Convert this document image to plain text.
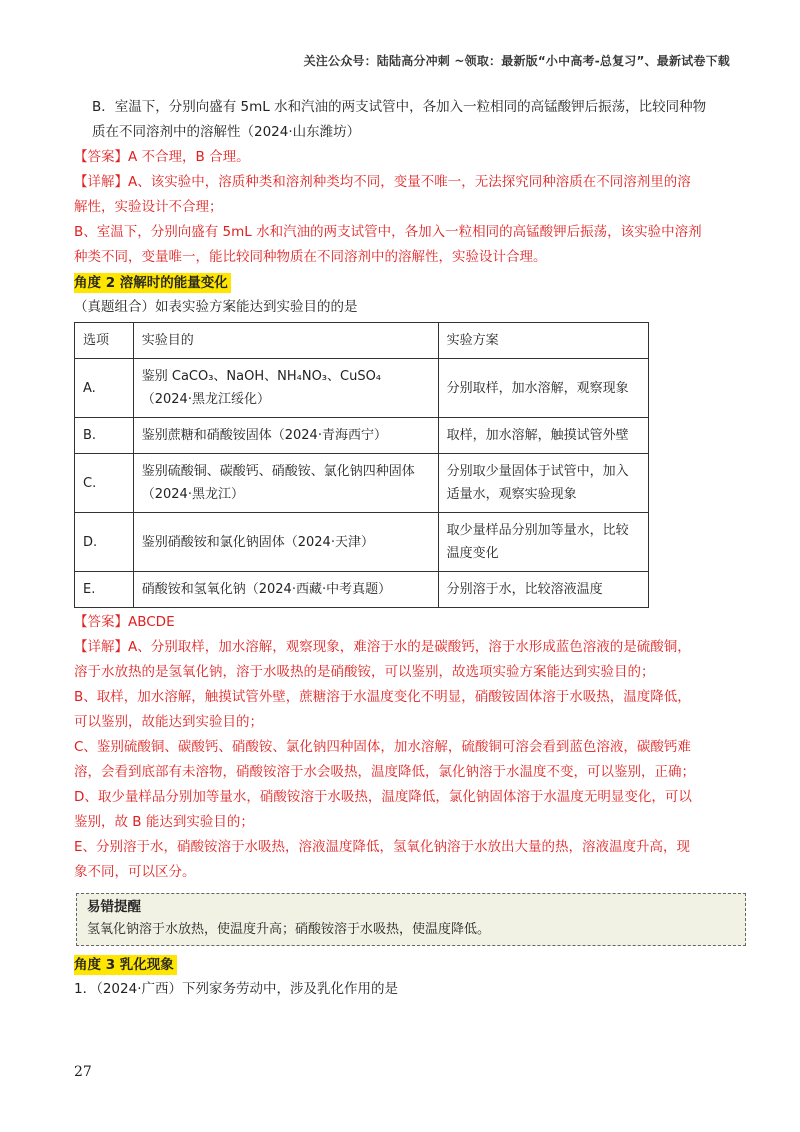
关注公众号：陆陆高分冲刺 ~领取：最新版“小中高考-总复习”、最新试卷下载

B．室温下，分别向盛有 5mL 水和汽油的两支试管中，各加入一粒相同的高锰酸钾后振荡，比较同种物

质在不同溶剂中的溶解性（2024·山东潍坊）

【答案】A 不合理，B 合理。

【详解】A、该实验中，溶质种类和溶剂种类均不同，变量不唯一，无法探究同种溶质在不同溶剂里的溶

解性，实验设计不合理；

B、室温下，分别向盛有 5mL 水和汽油的两支试管中，各加入一粒相同的高锰酸钾后振荡，该实验中溶剂

种类不同，变量唯一，能比较同种物质在不同溶剂中的溶解性，实验设计合理。

角度 2 溶解时的能量变化

（真题组合）如表实验方案能达到实验目的的是

选项	实验目的	实验方案
A.	鉴别 CaCO₃、NaOH、NH₄NO₃、CuSO₄（2024·黑龙江绥化）	分别取样，加水溶解，观察现象
B.	鉴别蔗糖和硝酸铵固体（2024·青海西宁）	取样，加水溶解，触摸试管外壁
C.	鉴别硫酸铜、碳酸钙、硝酸铵、氯化钠四种固体（2024·黑龙江）	分别取少量固体于试管中，加入适量水，观察实验现象
D.	鉴别硝酸铵和氯化钠固体（2024·天津）	取少量样品分别加等量水，比较温度变化
E.	硝酸铵和氢氧化钠（2024·西藏·中考真题）	分别溶于水，比较溶液温度

【答案】ABCDE

【详解】A、分别取样，加水溶解，观察现象，难溶于水的是碳酸钙，溶于水形成蓝色溶液的是硫酸铜，

溶于水放热的是氢氧化钠，溶于水吸热的是硝酸铵，可以鉴别，故选项实验方案能达到实验目的；

B、取样，加水溶解，触摸试管外壁，蔗糖溶于水温度变化不明显，硝酸铵固体溶于水吸热，温度降低，

可以鉴别，故能达到实验目的；

C、鉴别硫酸铜、碳酸钙、硝酸铵、氯化钠四种固体，加水溶解，硫酸铜可溶会看到蓝色溶液，碳酸钙难

溶，会看到底部有未溶物，硝酸铵溶于水会吸热，温度降低，氯化钠溶于水温度不变，可以鉴别，正确；

D、取少量样品分别加等量水，硝酸铵溶于水吸热，温度降低，氯化钠固体溶于水温度无明显变化，可以

鉴别，故 B 能达到实验目的；

E、分别溶于水，硝酸铵溶于水吸热，溶液温度降低，氢氧化钠溶于水放出大量的热，溶液温度升高，现

象不同，可以区分。

易错提醒
氢氧化钠溶于水放热，使温度升高；硝酸铵溶于水吸热，使温度降低。
角度 3 乳化现象

1．（2024·广西）下列家务劳动中，涉及乳化作用的是

27
